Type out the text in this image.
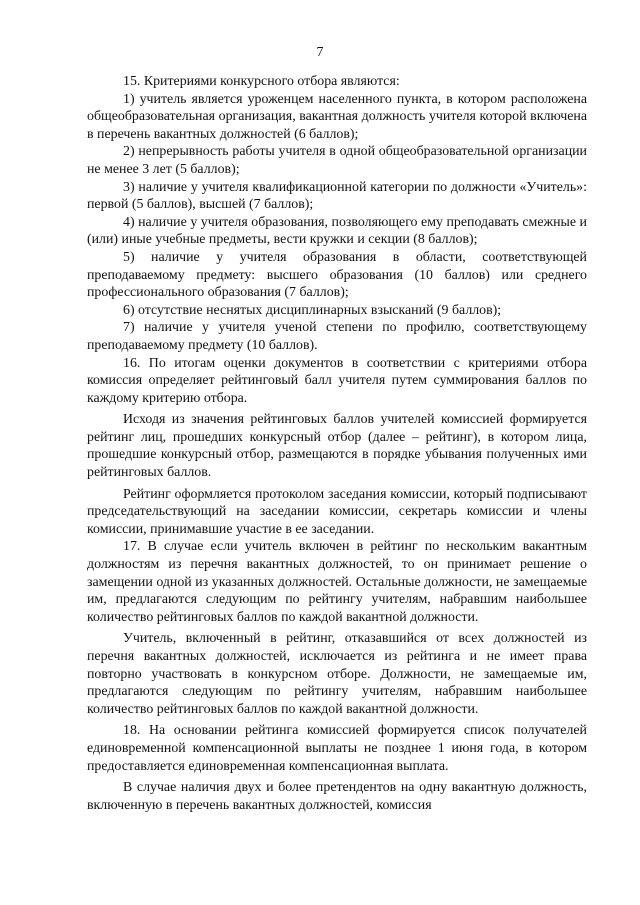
7

15. Критериями конкурсного отбора являются:

1) учитель является уроженцем населенного пункта, в котором расположена общеобразовательная организация, вакантная должность учителя которой включена в перечень вакантных должностей (6 баллов);

2) непрерывность работы учителя в одной общеобразовательной организации не менее 3 лет (5 баллов);

3) наличие у учителя квалификационной категории по должности «Учитель»: первой (5 баллов), высшей (7 баллов);

4) наличие у учителя образования, позволяющего ему преподавать смежные и (или) иные учебные предметы, вести кружки и секции (8 баллов);

5) наличие у учителя образования в области, соответствующей преподаваемому предмету: высшего образования (10 баллов) или среднего профессионального образования (7 баллов);

6) отсутствие неснятых дисциплинарных взысканий (9 баллов);

7) наличие у учителя ученой степени по профилю, соответствующему преподаваемому предмету (10 баллов).

16. По итогам оценки документов в соответствии с критериями отбора комиссия определяет рейтинговый балл учителя путем суммирования баллов по каждому критерию отбора.

Исходя из значения рейтинговых баллов учителей комиссией формируется рейтинг лиц, прошедших конкурсный отбор (далее – рейтинг), в котором лица, прошедшие конкурсный отбор, размещаются в порядке убывания полученных ими рейтинговых баллов.

Рейтинг оформляется протоколом заседания комиссии, который подписывают председательствующий на заседании комиссии, секретарь комиссии и члены комиссии, принимавшие участие в ее заседании.

17. В случае если учитель включен в рейтинг по нескольким вакантным должностям из перечня вакантных должностей, то он принимает решение о замещении одной из указанных должностей. Остальные должности, не замещаемые им, предлагаются следующим по рейтингу учителям, набравшим наибольшее количество рейтинговых баллов по каждой вакантной должности.

Учитель, включенный в рейтинг, отказавшийся от всех должностей из перечня вакантных должностей, исключается из рейтинга и не имеет права повторно участвовать в конкурсном отборе. Должности, не замещаемые им, предлагаются следующим по рейтингу учителям, набравшим наибольшее количество рейтинговых баллов по каждой вакантной должности.

18. На основании рейтинга комиссией формируется список получателей единовременной компенсационной выплаты не позднее 1 июня года, в котором предоставляется единовременная компенсационная выплата.

В случае наличия двух и более претендентов на одну вакантную должность, включенную в перечень вакантных должностей, комиссия
